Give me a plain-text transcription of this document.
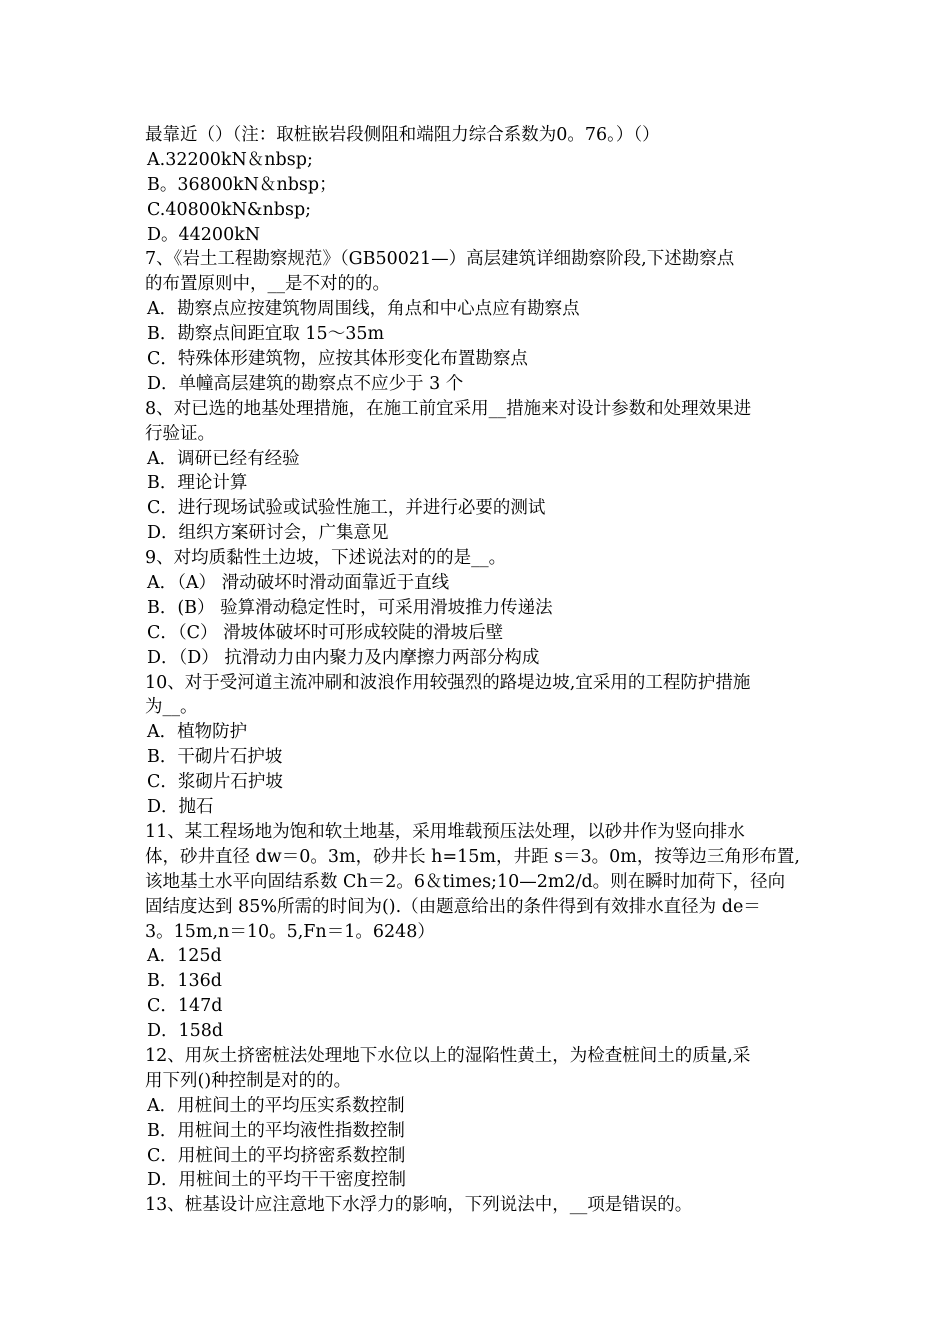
最靠近（）（注：取桩嵌岩段侧阻和端阻力综合系数为0。76。）（）
A.32200kN＆nbsp;
B。36800kN＆nbsp；
C.40800kN&nbsp;
D。44200kN
7、《岩土工程勘察规范》（GB50021—）高层建筑详细勘察阶段,下述勘察点
的布置原则中，__是不对的的。
A．勘察点应按建筑物周围线，角点和中心点应有勘察点
B．勘察点间距宜取 15～35m
C．特殊体形建筑物，应按其体形变化布置勘察点
D．单幢高层建筑的勘察点不应少于 3 个
8、对已选的地基处理措施，在施工前宜采用__措施来对设计参数和处理效果进
行验证。
A．调研已经有经验
B．理论计算
C．进行现场试验或试验性施工，并进行必要的测试
D．组织方案研讨会，广集意见
9、对均质黏性土边坡，下述说法对的的是__。
A．（A） 滑动破坏时滑动面靠近于直线
B．(B） 验算滑动稳定性时，可采用滑坡推力传递法
C．（C） 滑坡体破坏时可形成较陡的滑坡后壁
D．（D） 抗滑动力由内聚力及内摩擦力两部分构成
10、对于受河道主流冲刷和波浪作用较强烈的路堤边坡,宜采用的工程防护措施
为__。
A．植物防护
B．干砌片石护坡
C．浆砌片石护坡
D．抛石
11、某工程场地为饱和软土地基，采用堆载预压法处理，以砂井作为竖向排水
体，砂井直径 dw＝0。3m，砂井长 h=15m，井距 s＝3。0m，按等边三角形布置,
该地基土水平向固结系数 Ch＝2。6＆times;10—2m2/d。则在瞬时加荷下，径向
固结度达到 85%所需的时间为().（由题意给出的条件得到有效排水直径为 de＝
3。15m,n＝10。5,Fn＝1。6248）
A．125d
B．136d
C．147d
D．158d
12、用灰土挤密桩法处理地下水位以上的湿陷性黄土，为检查桩间土的质量,采
用下列()种控制是对的的。
A．用桩间土的平均压实系数控制
B．用桩间土的平均液性指数控制
C．用桩间土的平均挤密系数控制
D．用桩间土的平均干干密度控制
13、桩基设计应注意地下水浮力的影响，下列说法中，__项是错误的。
